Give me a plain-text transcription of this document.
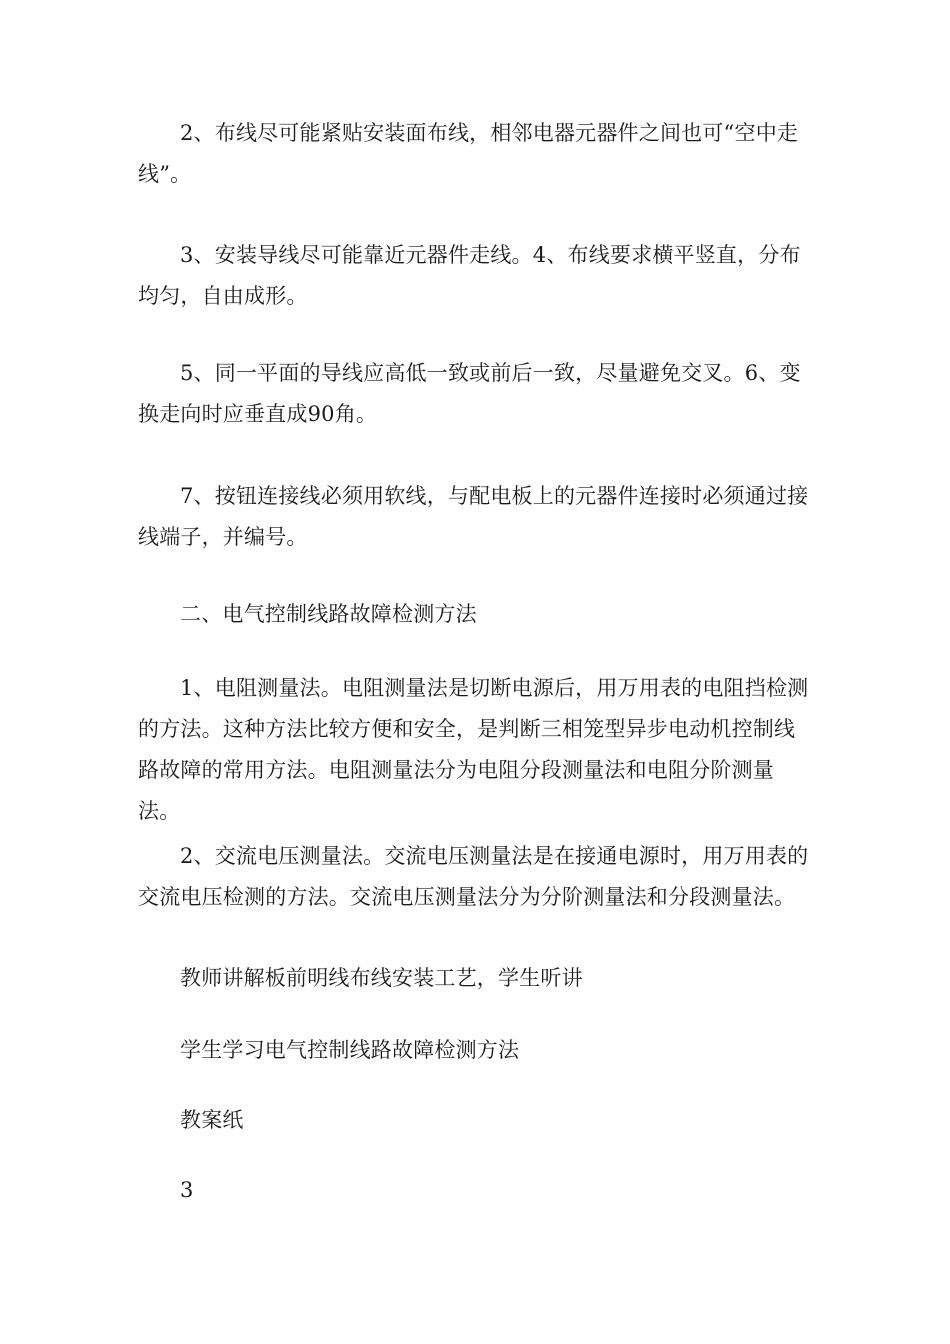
2、布线尽可能紧贴安装面布线，相邻电器元器件之间也可“空中走线”。

3、安装导线尽可能靠近元器件走线。4、布线要求横平竖直，分布均匀，自由成形。

5、同一平面的导线应高低一致或前后一致，尽量避免交叉。6、变换走向时应垂直成90角。

7、按钮连接线必须用软线，与配电板上的元器件连接时必须通过接线端子，并编号。

二、电气控制线路故障检测方法

1、电阻测量法。电阻测量法是切断电源后，用万用表的电阻挡检测的方法。这种方法比较方便和安全，是判断三相笼型异步电动机控制线路故障的常用方法。电阻测量法分为电阻分段测量法和电阻分阶测量法。

2、交流电压测量法。交流电压测量法是在接通电源时，用万用表的交流电压检测的方法。交流电压测量法分为分阶测量法和分段测量法。

教师讲解板前明线布线安装工艺，学生听讲

学生学习电气控制线路故障检测方法

教案纸

3
